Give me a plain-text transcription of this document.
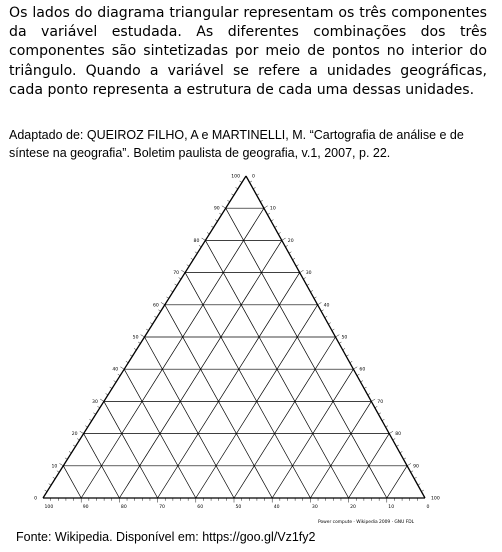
Os lados do diagrama triangular representam os três componentes da variável estudada. As diferentes combinações dos três componentes são sintetizadas por meio de pontos no interior do triângulo. Quando a variável se refere a unidades geográficas, cada ponto representa a estrutura de cada uma dessas unidades.

Adaptado de: QUEIROZ FILHO, A e MARTINELLI, M. “Cartografia de análise e de síntese na geografia”. Boletim paulista de geografia, v.1, 2007, p. 22.

0
10
20
30
40
50
60
70
80
90
100	0
10
20
30
40
50
60
70
80
90
100
100	90	80	70	60	50	40	30	20	10	0
Power compute · Wikipedia 2009 · GNU FDL

Fonte: Wikipedia. Disponível em: https://goo.gl/Vz1fy2
